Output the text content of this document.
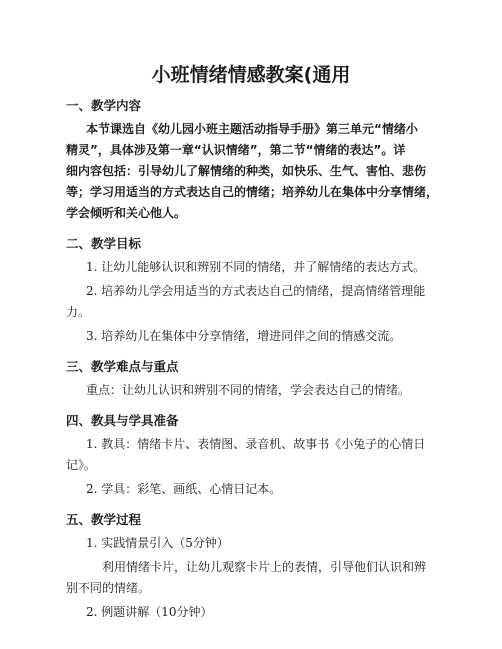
小班情绪情感教案(通用
一、教学内容
本节课选自《幼儿园小班主题活动指导手册》第三单元“情绪小
精灵”，具体涉及第一章“认识情绪”，第二节“情绪的表达”。详
细内容包括：引导幼儿了解情绪的种类，如快乐、生气、害怕、悲伤
等；学习用适当的方式表达自己的情绪；培养幼儿在集体中分享情绪，
学会倾听和关心他人。
二、教学目标
1. 让幼儿能够认识和辨别不同的情绪，并了解情绪的表达方式。
2. 培养幼儿学会用适当的方式表达自己的情绪，提高情绪管理能
力。
3. 培养幼儿在集体中分享情绪，增进同伴之间的情感交流。
三、教学难点与重点
重点：让幼儿认识和辨别不同的情绪，学会表达自己的情绪。
四、教具与学具准备
1. 教具：情绪卡片、表情图、录音机、故事书《小兔子的心情日
记》。
2. 学具：彩笔、画纸、心情日记本。
五、教学过程
1. 实践情景引入（5分钟）
利用情绪卡片，让幼儿观察卡片上的表情，引导他们认识和辨
别不同的情绪。
2. 例题讲解（10分钟）
